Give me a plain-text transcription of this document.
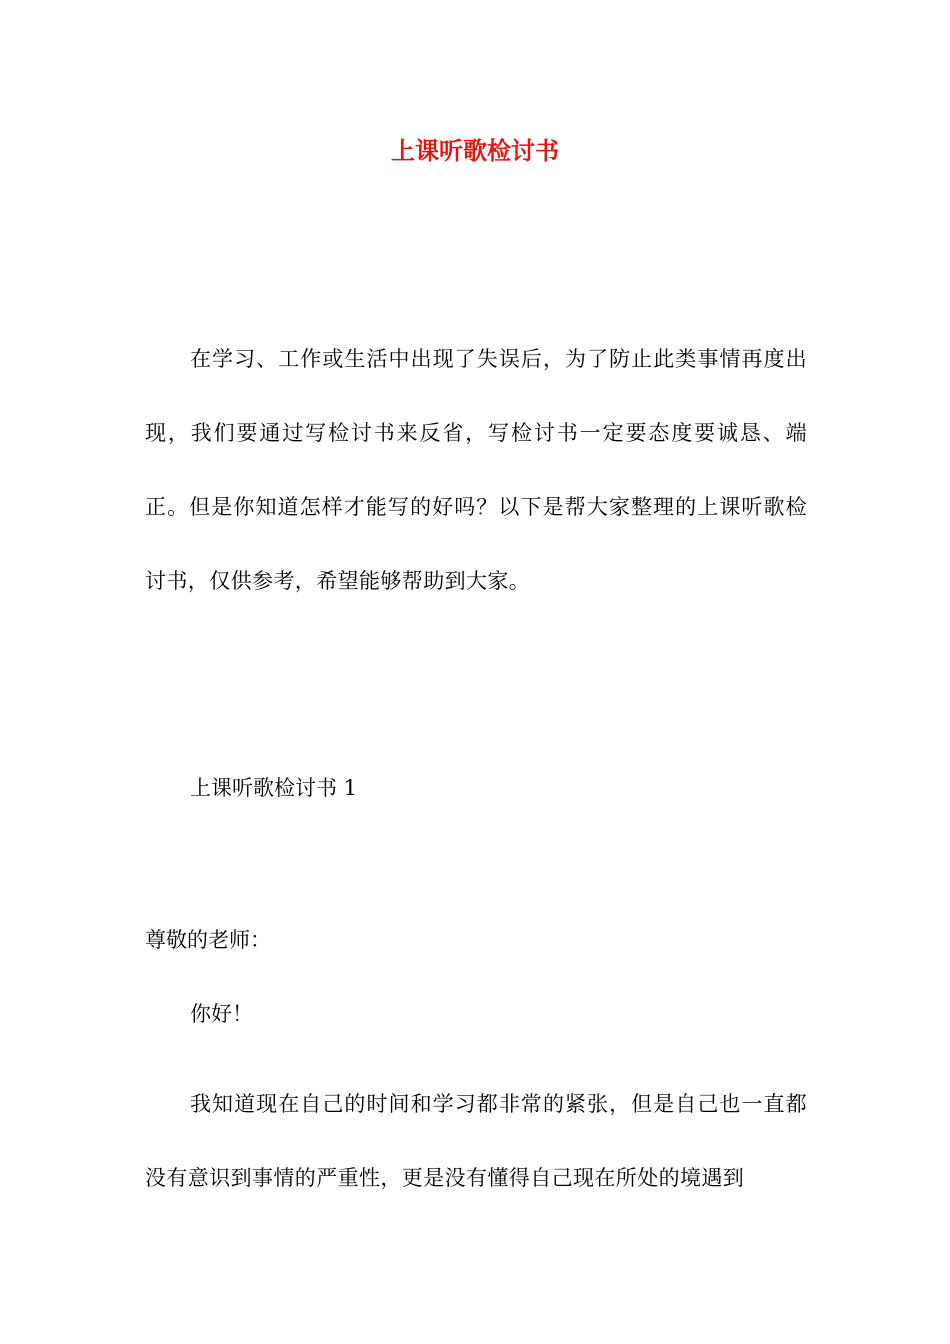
上课听歌检讨书
在学习、工作或生活中出现了失误后，为了防止此类事情再度出现，我们要通过写检讨书来反省，写检讨书一定要态度要诚恳、端正。但是你知道怎样才能写的好吗？以下是帮大家整理的上课听歌检讨书，仅供参考，希望能够帮助到大家。
上课听歌检讨书 1
尊敬的老师：
你好！
我知道现在自己的时间和学习都非常的紧张，但是自己也一直都没有意识到事情的严重性，更是没有懂得自己现在所处的境遇到
